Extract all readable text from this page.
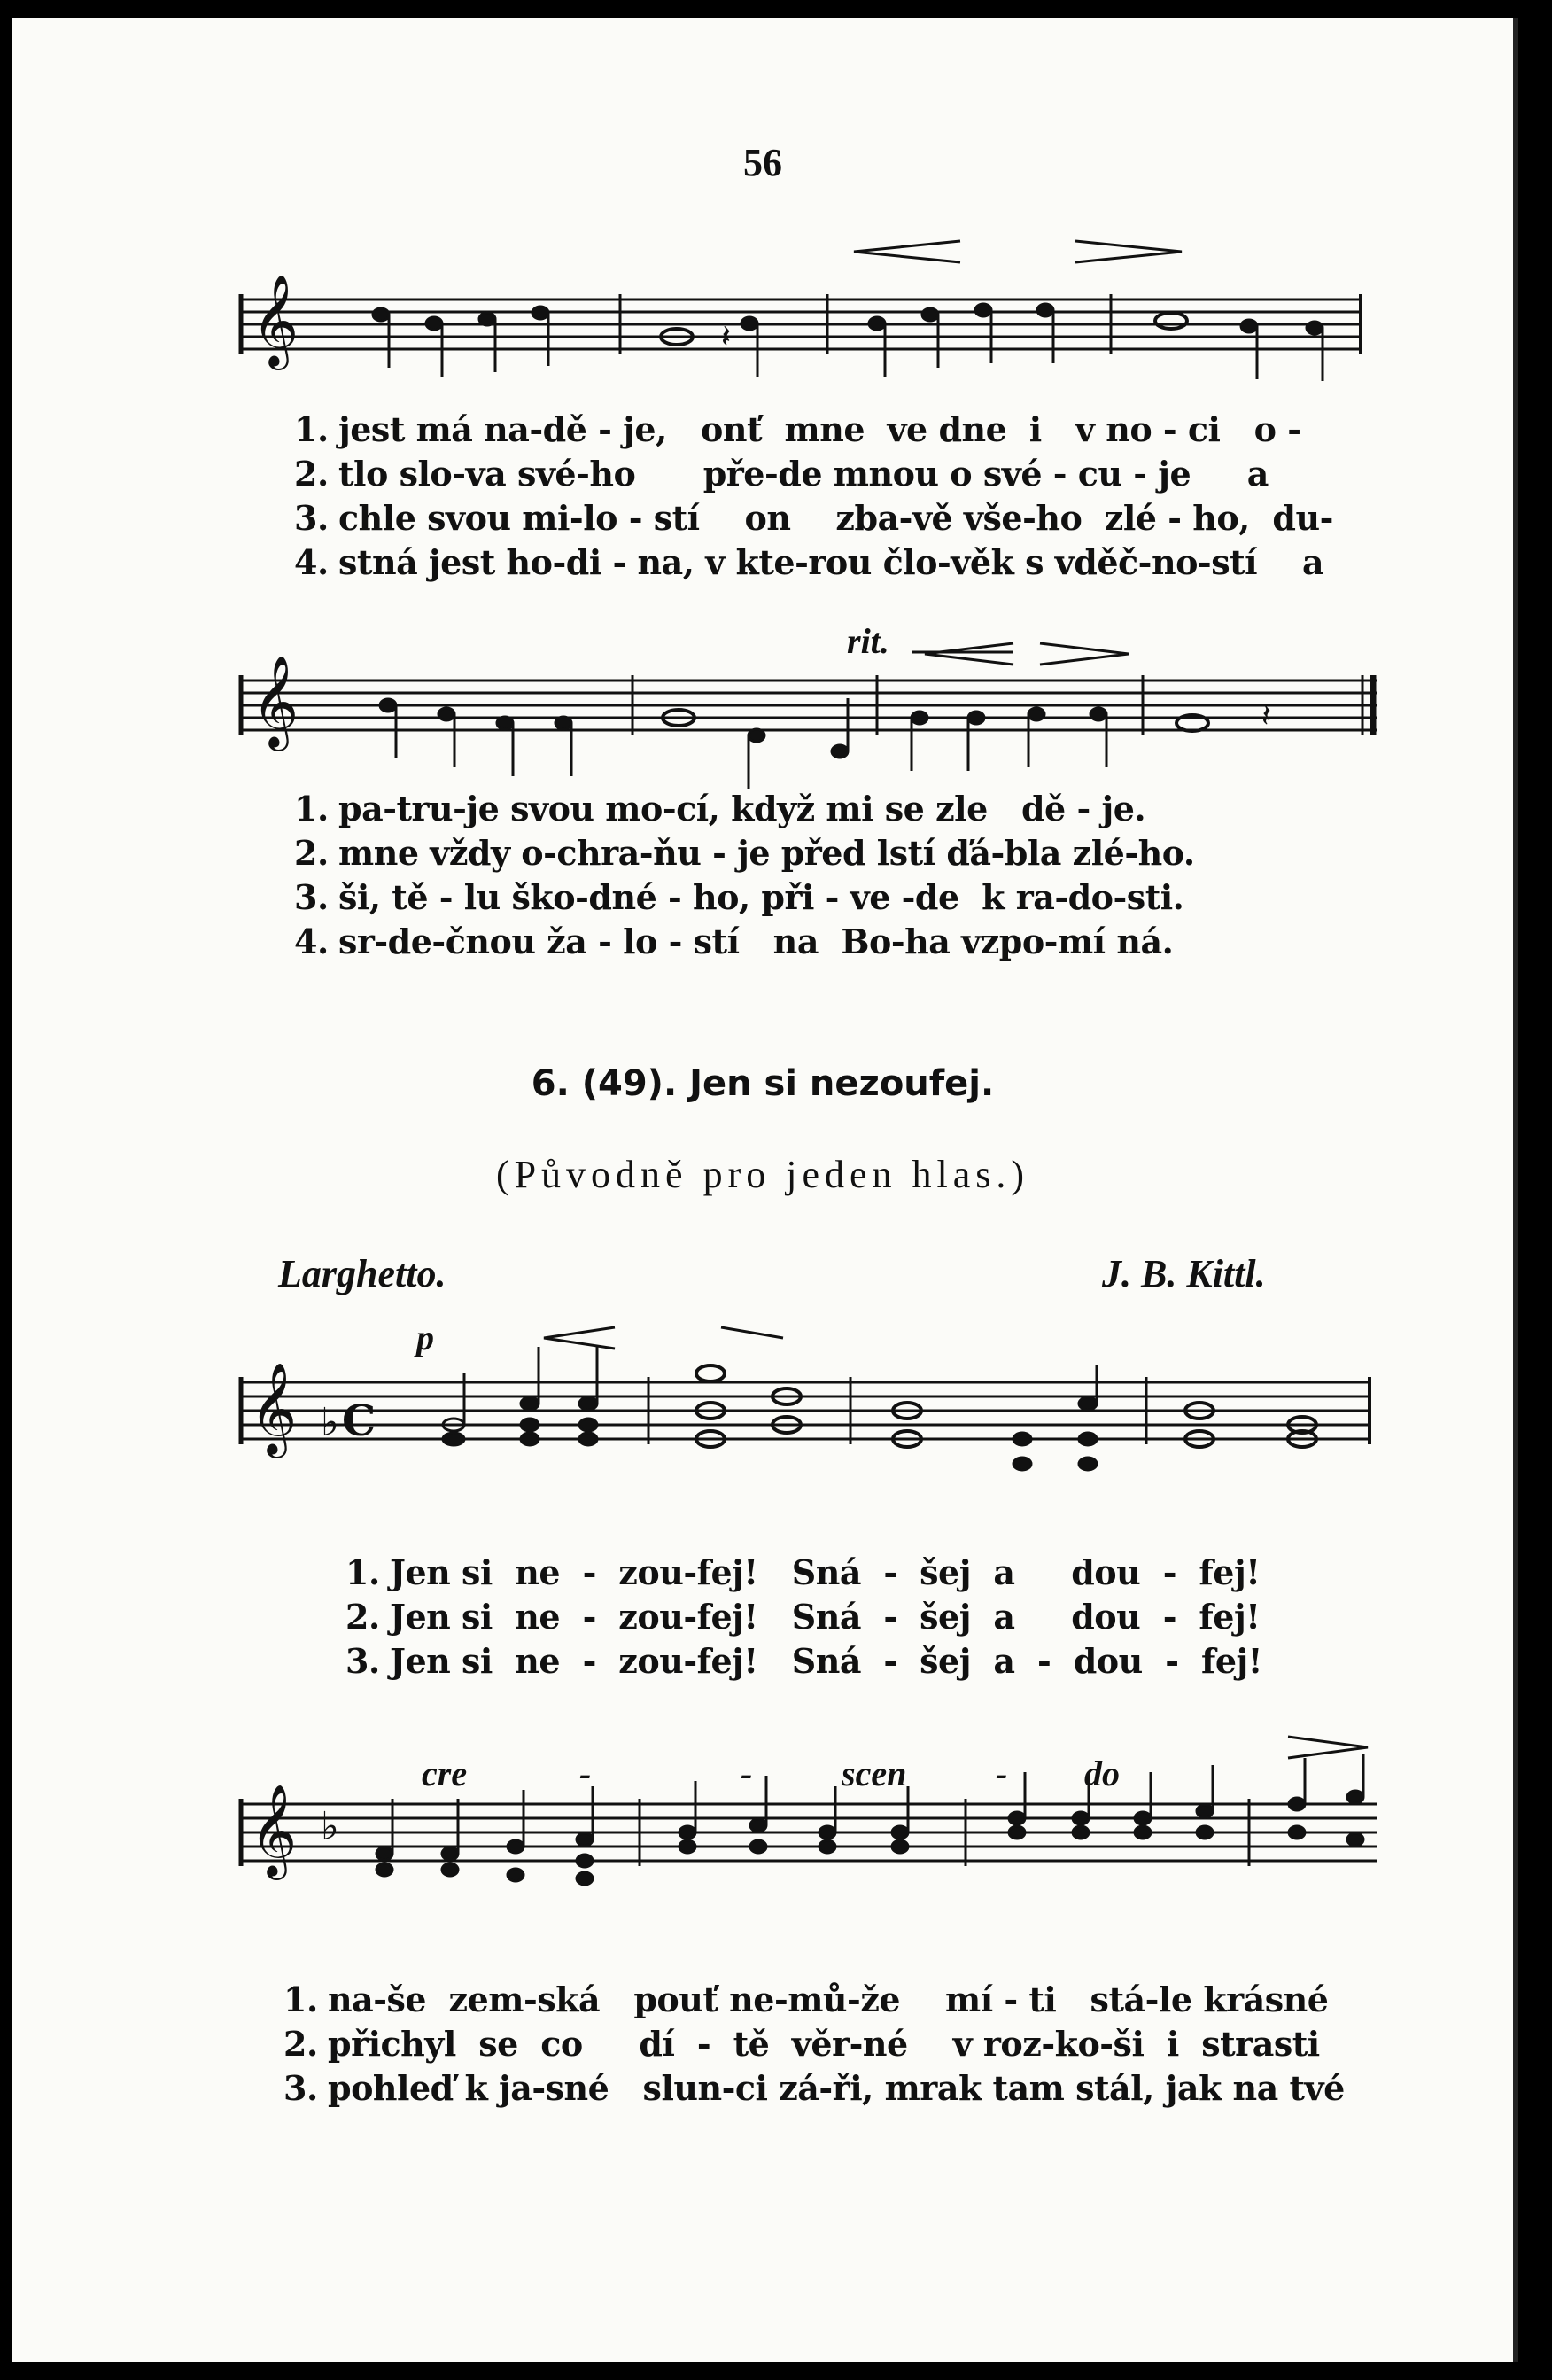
56
𝄞	𝄽
1. jest má na-dě - je,   onť  mne  ve dne  i   v no - ci   o -
2. tlo slo-va své-ho      pře-de mnou o své - cu - je     a
3. chle svou mi-lo - stí    on    zba-vě vše-ho  zlé - ho,  du-
4. stná jest ho-di - na, v kte-rou člo-věk s vděč-no-stí    a
rit.
𝄞	𝄽
1. pa-tru-je svou mo-cí, když mi se zle   dě - je.
2. mne vždy o-chra-ňu - je před lstí ďá-bla zlé-ho.
3. ši, tě - lu ško-dné - ho, při - ve -de  k ra-do-sti.
4. sr-de-čnou ža - lo - stí   na  Bo-ha vzpo-mí ná.
6. (49). Jen si nezoufej.
(Původně pro jeden hlas.)
Larghetto.	J. B. Kittl.
p
𝄞 ♭ C
1. Jen si  ne  -  zou-fej!   Sná  -  šej  a     dou  -  fej!
2. Jen si  ne  -  zou-fej!   Sná  -  šej  a     dou  -  fej!
3. Jen si  ne  -  zou-fej!   Sná  -  šej  a  -  dou  -  fej!
cre	-	-	scen	- do
𝄞 ♭
1. na-še  zem-ská   pouť ne-mů-že    mí - ti   stá-le krásné
2. přichyl  se  co     dí  -  tě  věr-né    v roz-ko-ši  i  strasti
3. pohleď k ja-sné   slun-ci zá-ři, mrak tam stál, jak na tvé
